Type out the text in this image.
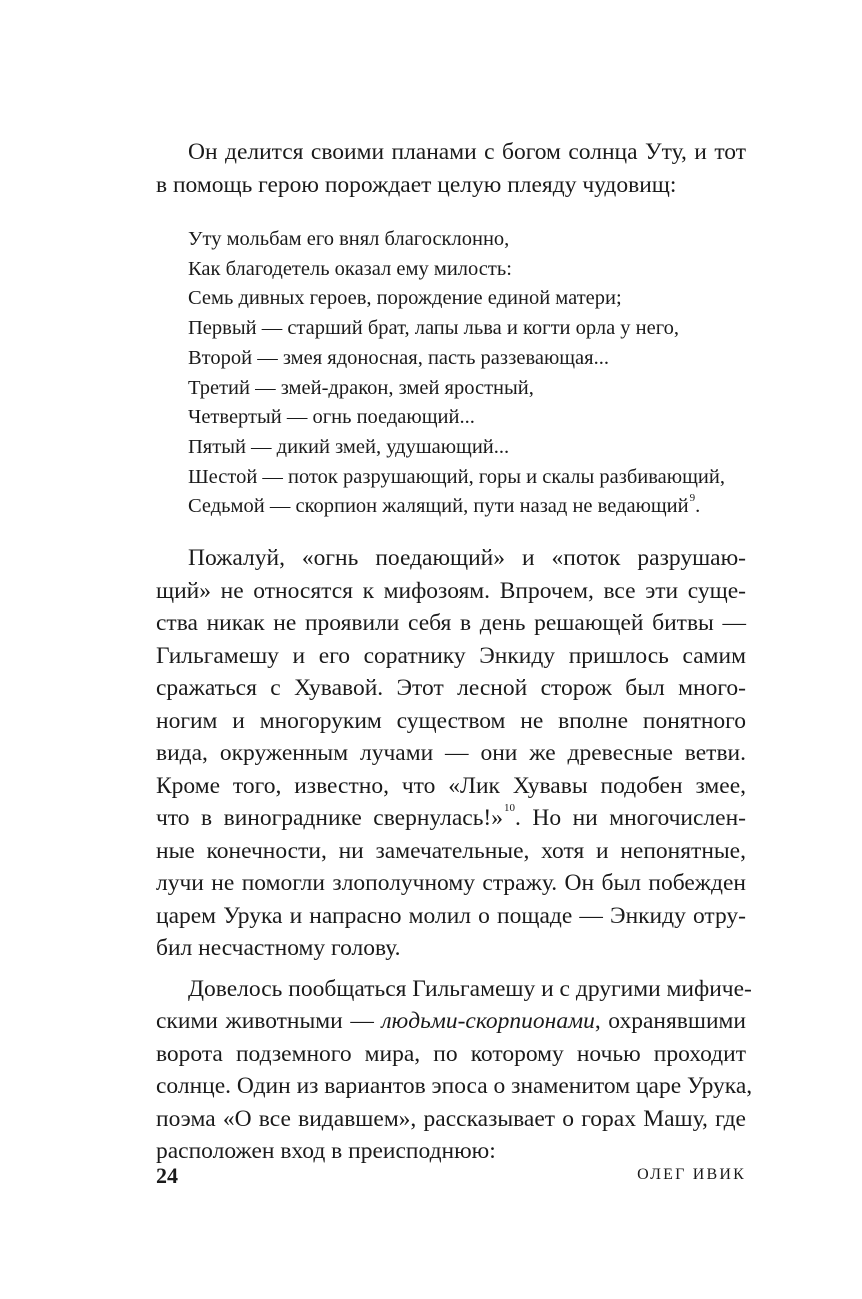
Он делится своими планами с богом солнца Уту, и тот
в помощь герою порождает целую плеяду чудовищ:

Уту мольбам его внял благосклонно,
Как благодетель оказал ему милость:
Семь дивных героев, порождение единой матери;
Первый — старший брат, лапы льва и когти орла у него,
Второй — змея ядоносная, пасть раззевающая...
Третий — змей-дракон, змей яростный,
Четвертый — огнь поедающий...
Пятый — дикий змей, удушающий...
Шестой — поток разрушающий, горы и скалы разбивающий,
Седьмой — скорпион жалящий, пути назад не ведающий$^9$.

Пожалуй, «огнь поедающий» и «поток разрушаю-
щий» не относятся к мифозоям. Впрочем, все эти суще-
ства никак не проявили себя в день решающей битвы —
Гильгамешу и его соратнику Энкиду пришлось самим
сражаться с Хувавой. Этот лесной сторож был много-
ногим и многоруким существом не вполне понятного
вида, окруженным лучами — они же древесные ветви.
Кроме того, известно, что «Лик Хувавы подобен змее,
что в винограднике свернулась!»$^{10}$. Но ни многочислен-
ные конечности, ни замечательные, хотя и непонятные,
лучи не помогли злополучному стражу. Он был побежден
царем Урука и напрасно молил о пощаде — Энкиду отру-
бил несчастному голову.

Довелось пообщаться Гильгамешу и с другими мифиче-
скими животными — людьми-скорпионами, охранявшими
ворота подземного мира, по которому ночью проходит
солнце. Один из вариантов эпоса о знаменитом царе Урука,
поэма «О все видавшем», рассказывает о горах Машу, где
расположен вход в преисподнюю:

24	ОЛЕГ ИВИК
